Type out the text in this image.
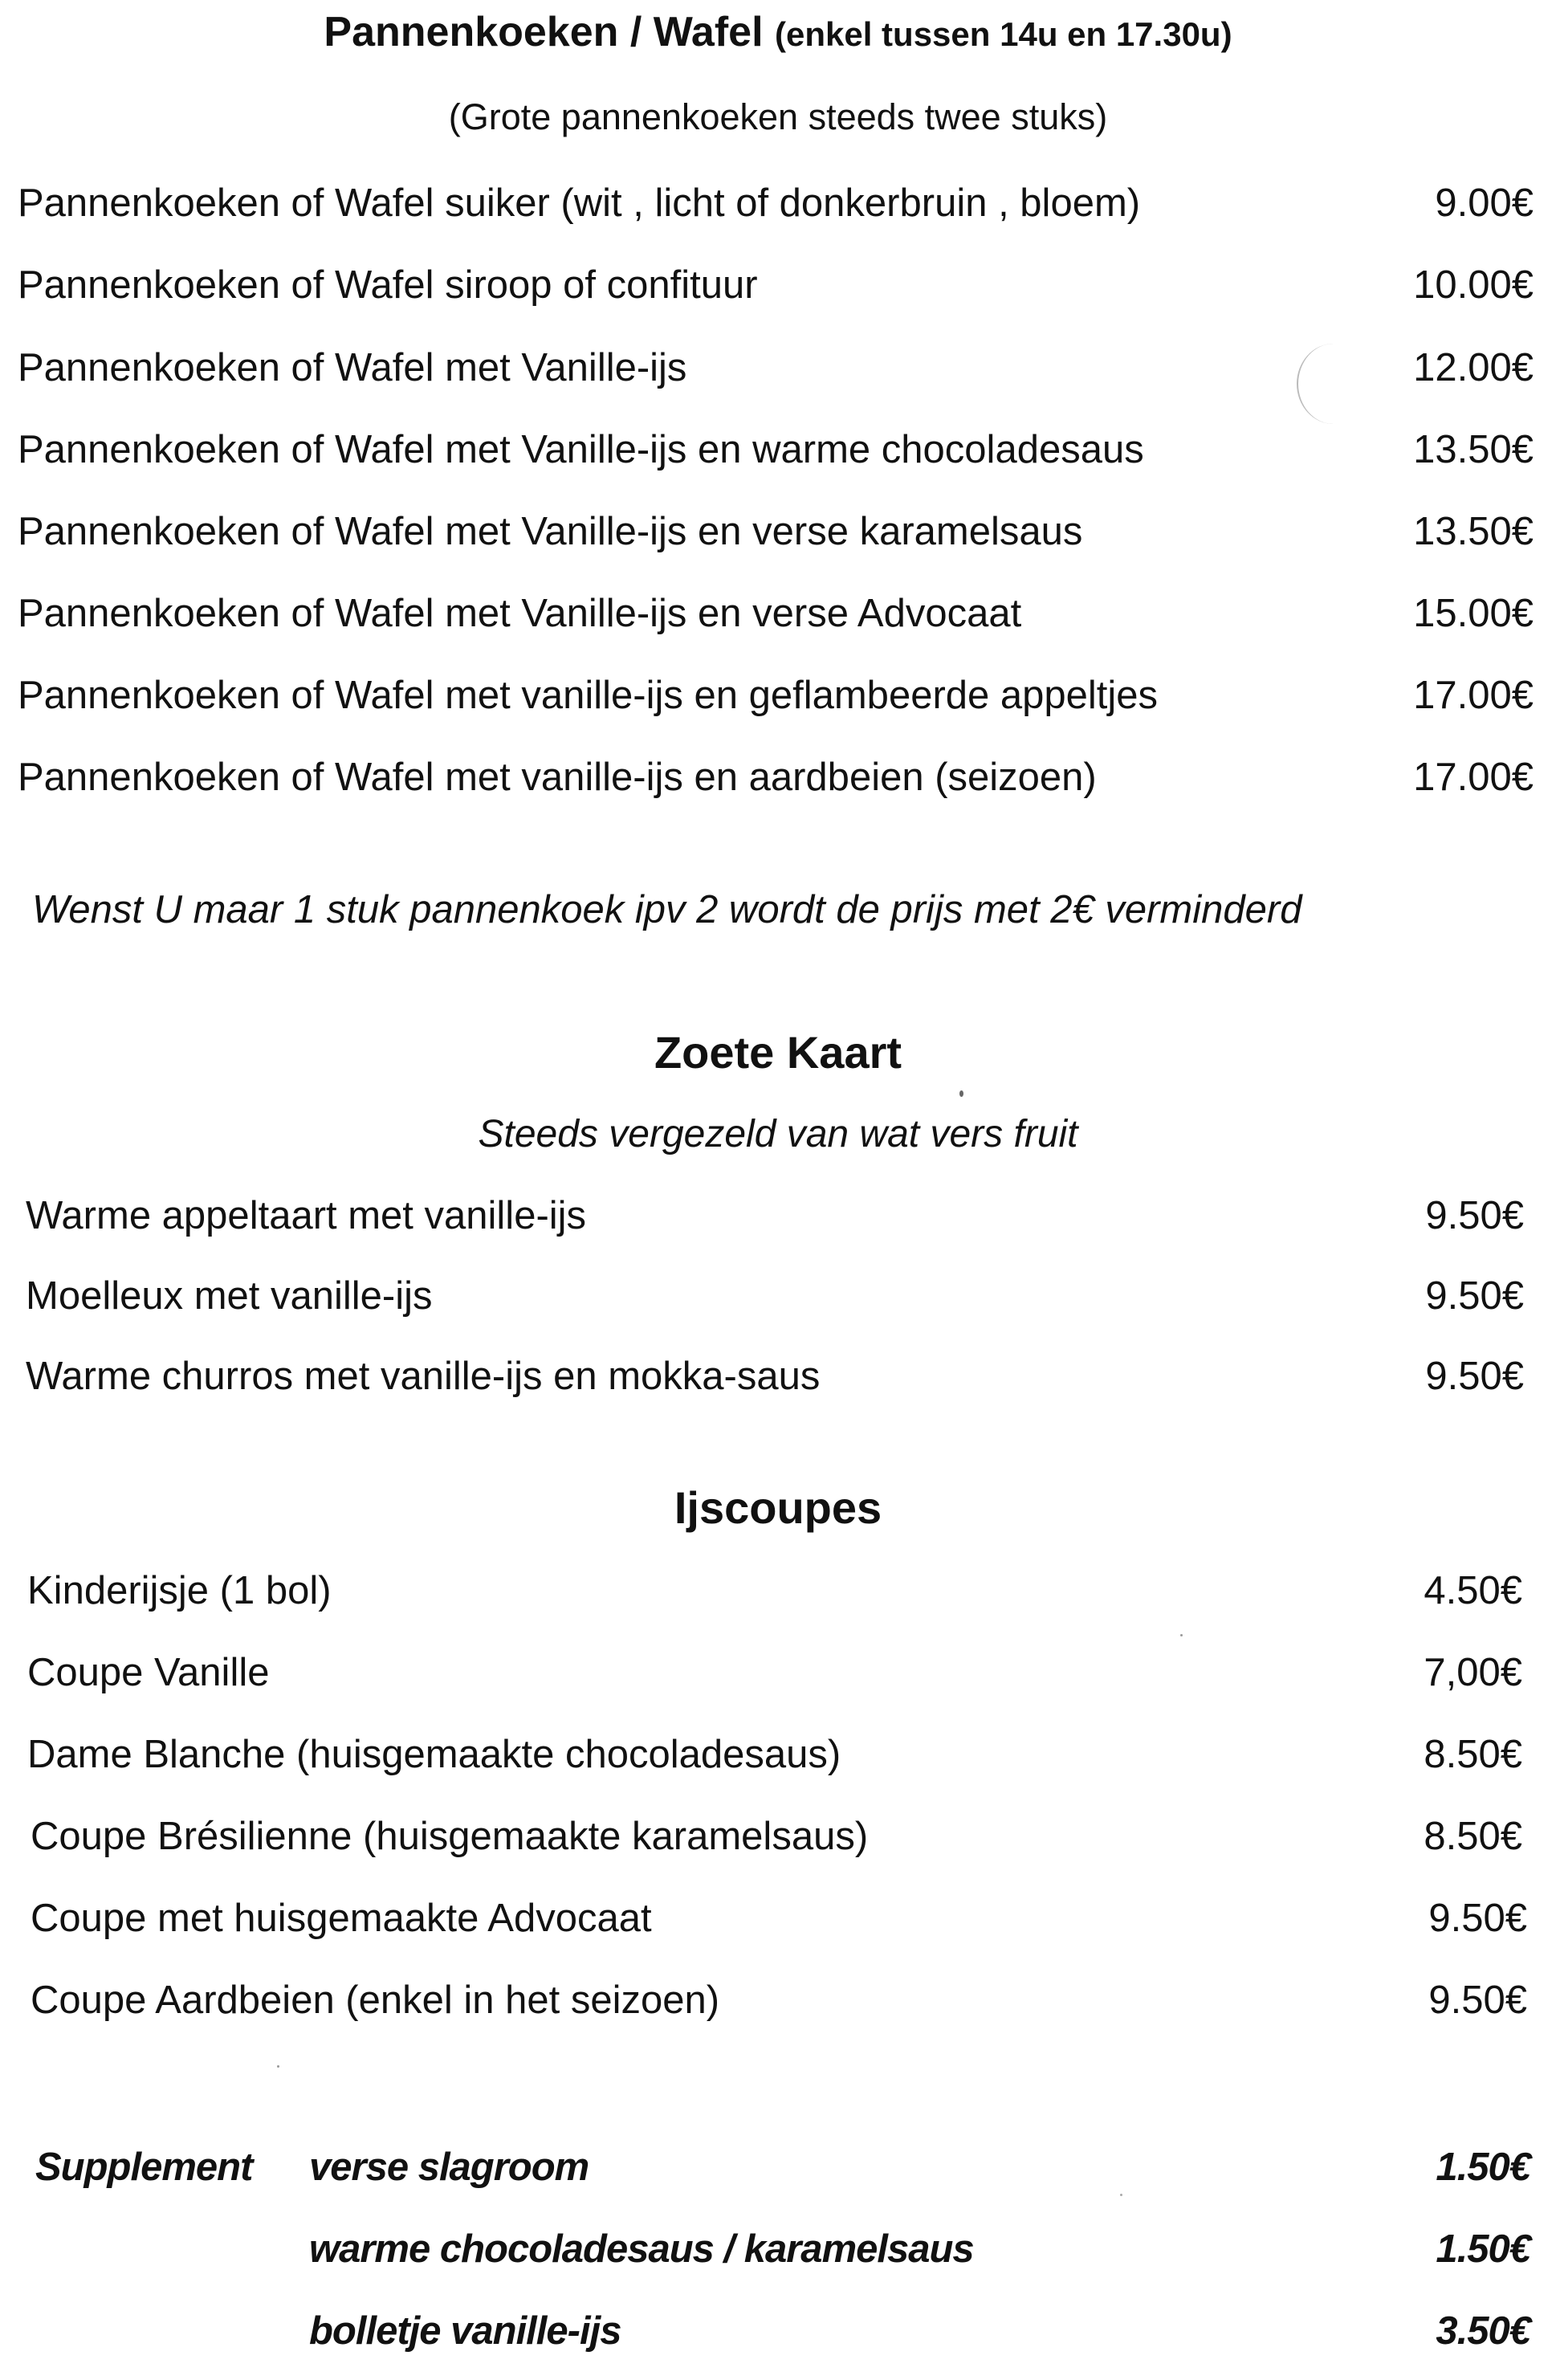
Pannenkoeken / Wafel (enkel tussen 14u en 17.30u)
(Grote pannenkoeken steeds twee stuks)
Pannenkoeken of Wafel suiker (wit , licht of donkerbruin , bloem)	9.00€
Pannenkoeken of Wafel siroop of confituur	10.00€
Pannenkoeken of Wafel met Vanille-ijs	12.00€
Pannenkoeken of Wafel met Vanille-ijs en warme chocoladesaus	13.50€
Pannenkoeken of Wafel met Vanille-ijs en verse karamelsaus	13.50€
Pannenkoeken of Wafel met Vanille-ijs en verse Advocaat	15.00€
Pannenkoeken of Wafel met vanille-ijs en geflambeerde appeltjes	17.00€
Pannenkoeken of Wafel met vanille-ijs en aardbeien (seizoen)	17.00€
Wenst U maar 1 stuk pannenkoek ipv 2 wordt de prijs met 2€ verminderd
Zoete Kaart
Steeds vergezeld van wat vers fruit
Warme appeltaart met vanille-ijs	9.50€
Moelleux met vanille-ijs	9.50€
Warme churros met vanille-ijs en mokka-saus	9.50€
Ijscoupes
Kinderijsje (1 bol)	4.50€
Coupe Vanille	7,00€
Dame Blanche (huisgemaakte chocoladesaus)	8.50€
Coupe Brésilienne (huisgemaakte karamelsaus)	8.50€
Coupe met huisgemaakte Advocaat	9.50€
Coupe Aardbeien (enkel in het seizoen)	9.50€
Supplement verse slagroom	1.50€
warme chocoladesaus / karamelsaus	1.50€
bolletje vanille-ijs	3.50€
